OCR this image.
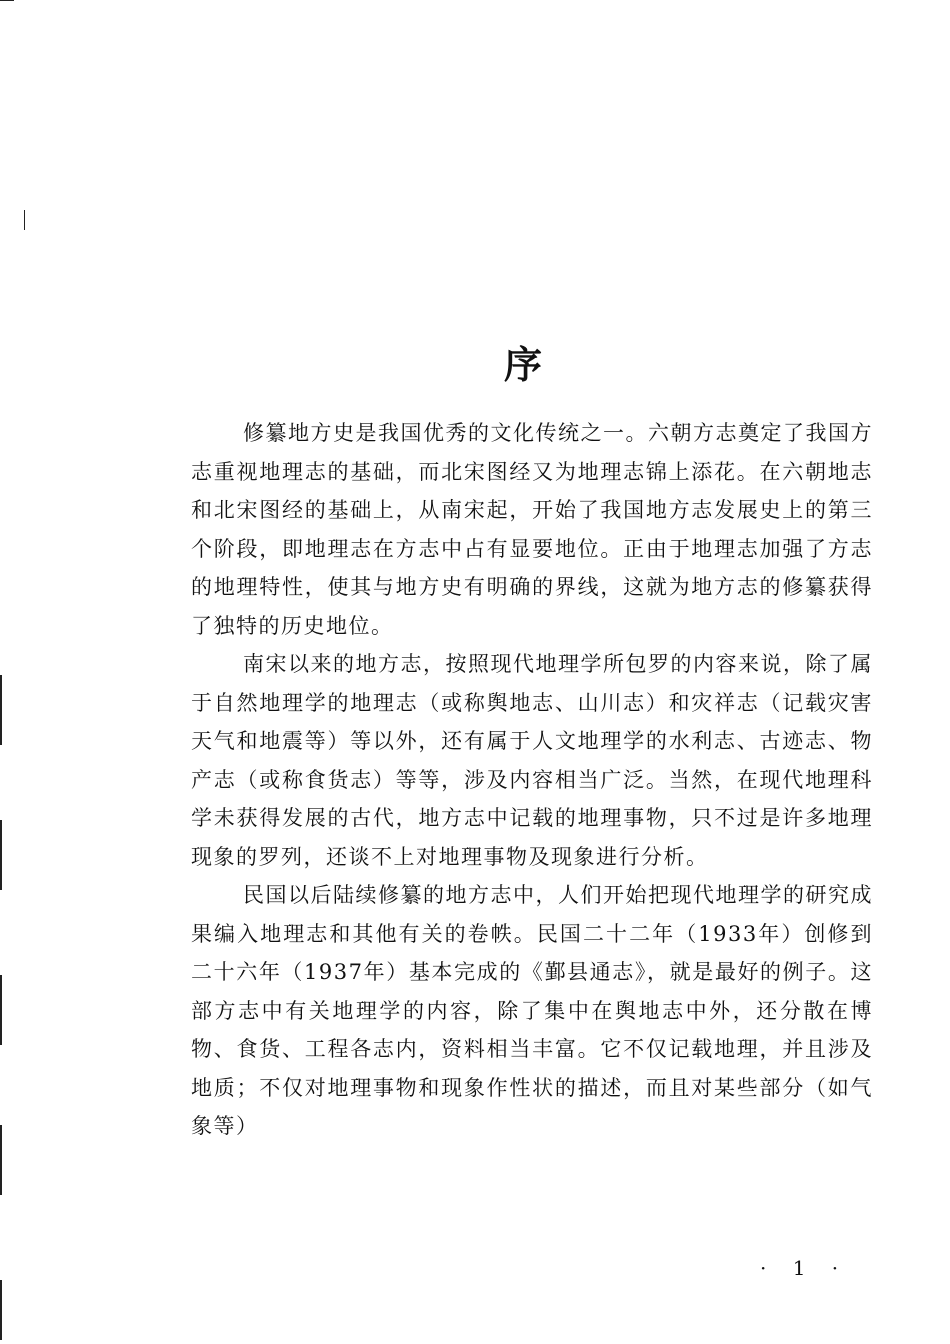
序

修纂地方史是我国优秀的文化传统之一。六朝方志奠定了我国方志重视地理志的基础，而北宋图经又为地理志锦上添花。在六朝地志和北宋图经的基础上，从南宋起，开始了我国地方志发展史上的第三个阶段，即地理志在方志中占有显要地位。正由于地理志加强了方志的地理特性，使其与地方史有明确的界线，这就为地方志的修纂获得了独特的历史地位。

南宋以来的地方志，按照现代地理学所包罗的内容来说，除了属于自然地理学的地理志（或称舆地志、山川志）和灾祥志（记载灾害天气和地震等）等以外，还有属于人文地理学的水利志、古迹志、物产志（或称食货志）等等，涉及内容相当广泛。当然，在现代地理科学未获得发展的古代，地方志中记载的地理事物，只不过是许多地理现象的罗列，还谈不上对地理事物及现象进行分析。

民国以后陆续修纂的地方志中，人们开始把现代地理学的研究成果编入地理志和其他有关的卷帙。民国二十二年（1933年）创修到二十六年（1937年）基本完成的《鄞县通志》，就是最好的例子。这部方志中有关地理学的内容，除了集中在舆地志中外，还分散在博物、食货、工程各志内，资料相当丰富。它不仅记载地理，并且涉及地质；不仅对地理事物和现象作性状的描述，而且对某些部分（如气象等）

· 1 ·
